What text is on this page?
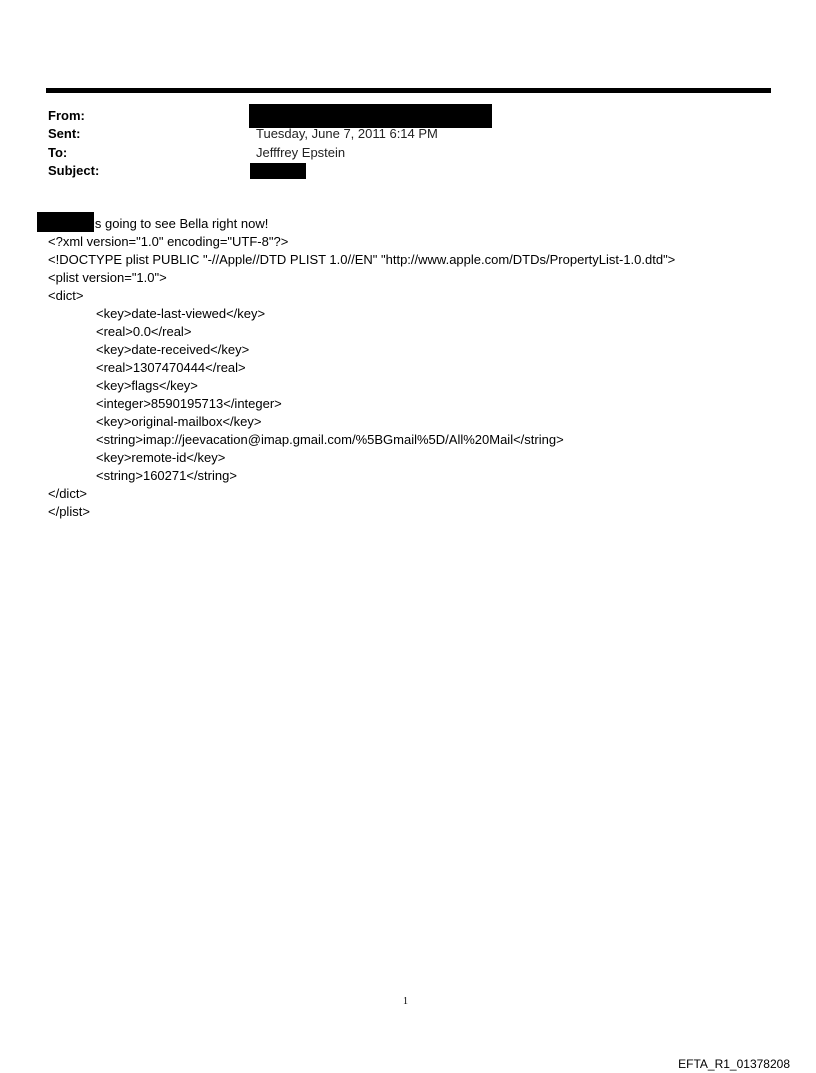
From:
Sent:
To:
Subject:
Tuesday, June 7, 2011 6:14 PM
Jefffrey Epstein
is going to see Bella right now!
<?xml version="1.0" encoding="UTF-8"?>
<!DOCTYPE plist PUBLIC "-//Apple//DTD PLIST 1.0//EN" "http://www.apple.com/DTDs/PropertyList-1.0.dtd">
<plist version="1.0">
<dict>
<key>date-last-viewed</key>
<real>0.0</real>
<key>date-received</key>
<real>1307470444</real>
<key>flags</key>
<integer>8590195713</integer>
<key>original-mailbox</key>
<string>imap://jeevacation@imap.gmail.com/%5BGmail%5D/All%20Mail</string>
<key>remote-id</key>
<string>160271</string>
</dict>
</plist>
1
EFTA_R1_01378208
